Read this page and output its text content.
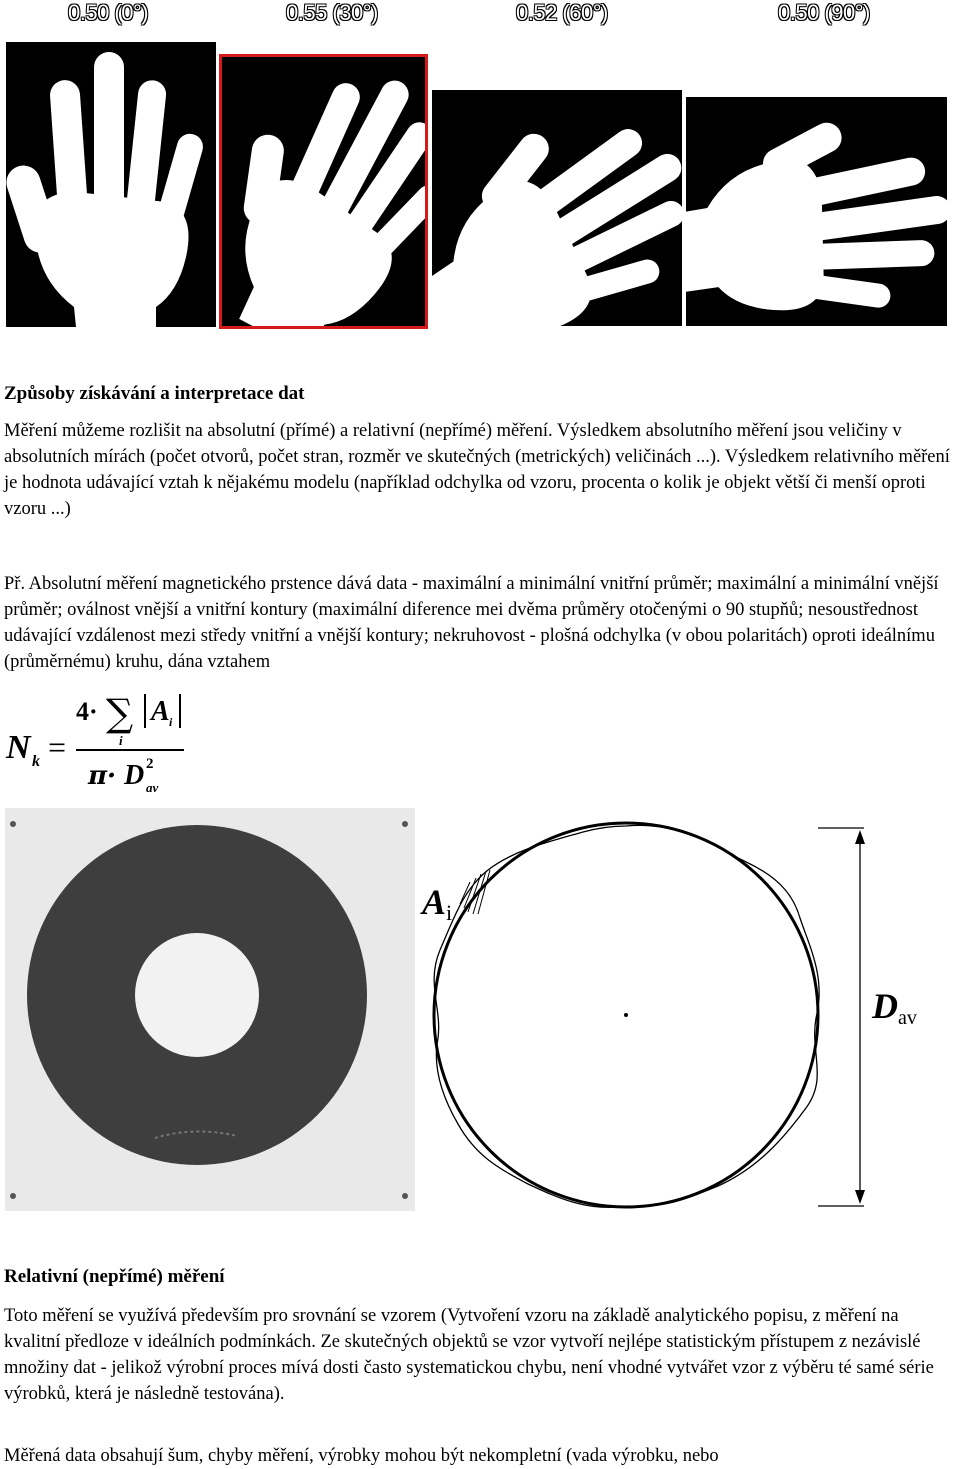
0.50 (0°)	0.55 (30°)	0.52 (60°)	0.50 (90°)
Způsoby získávání a interpretace dat

Měření můžeme rozlišit na absolutní (přímé) a relativní (nepřímé) měření. Výsledkem absolutního měření jsou veličiny v absolutních mírách (počet otvorů, počet stran, rozměr ve skutečných (metrických) veličinách ...). Výsledkem relativního měření je hodnota udávající vztah k nějakému modelu (například odchylka od vzoru, procenta o kolik je objekt větší či menší oproti vzoru ...)

Př. Absolutní měření magnetického prstence dává data - maximální a minimální vnitřní průměr; maximální a minimální vnější průměr; oválnost vnější a vnitřní kontury (maximální diference mei dvěma průměry otočenými o 90 stupňů; nesoustřednost udávající vzdálenost mezi středy vnitřní a vnější kontury; nekruhovost - plošná odchylka (v obou polaritách) oproti ideálnímu (průměrnému) kruhu, dána vztahem

N k =
4· ∑
i
A i
π· D 2
av
A i
D av
Relativní (nepřímé) měření

Toto měření se využívá především pro srovnání se vzorem (Vytvoření vzoru na základě analytického popisu, z měření na kvalitní předloze v ideálních podmínkách. Ze skutečných objektů se vzor vytvoří nejlépe statistickým přístupem z nezávislé množiny dat - jelikož výrobní proces mívá dosti často systematickou chybu, není vhodné vytvářet vzor z výběru té samé série výrobků, která je následně testována).

Měřená data obsahují šum, chyby měření, výrobky mohou být nekompletní (vada výrobku, nebo
